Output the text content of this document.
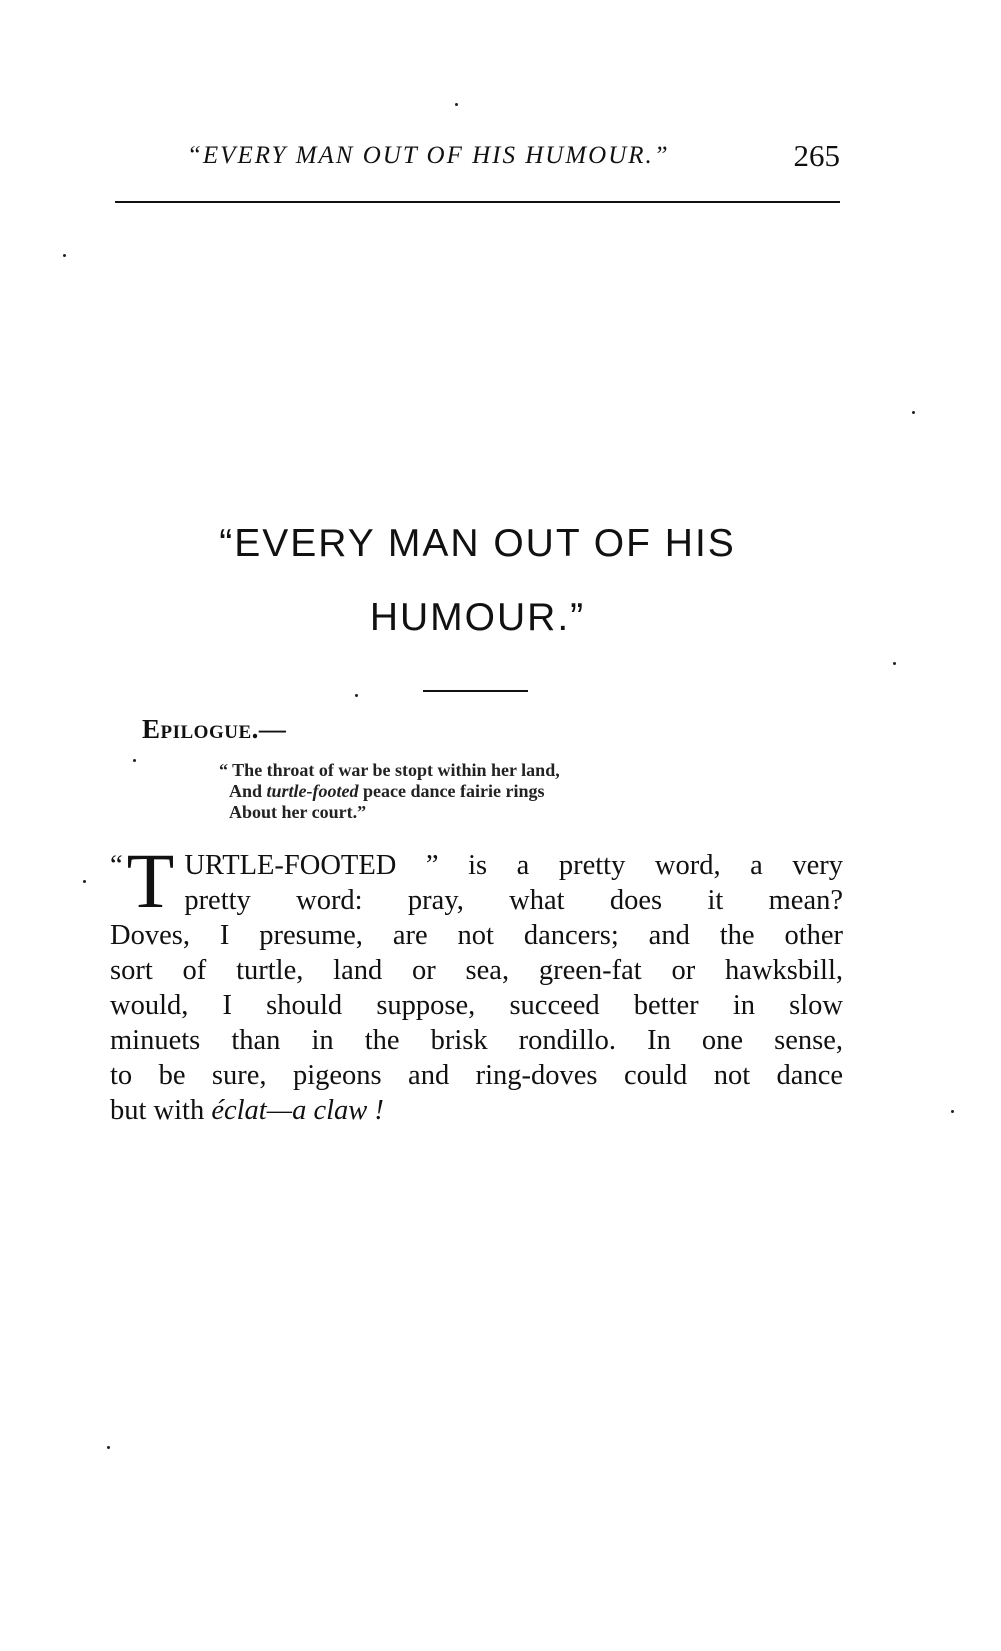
“EVERY MAN OUT OF HIS HUMOUR.”	265
“EVERY MAN OUT OF HIS
HUMOUR.”
Epilogue.—
“ The throat of war be stopt within her land,
And turtle-footed peace dance fairie rings
About her court.”
“ T URTLE-FOOTED ” is a pretty word, a very
pretty word: pray, what does it mean?
Doves, I presume, are not dancers; and the other
sort of turtle, land or sea, green-fat or hawksbill,
would, I should suppose, succeed better in slow
minuets than in the brisk rondillo. In one sense,
to be sure, pigeons and ring-doves could not dance
but with éclat—a claw !
